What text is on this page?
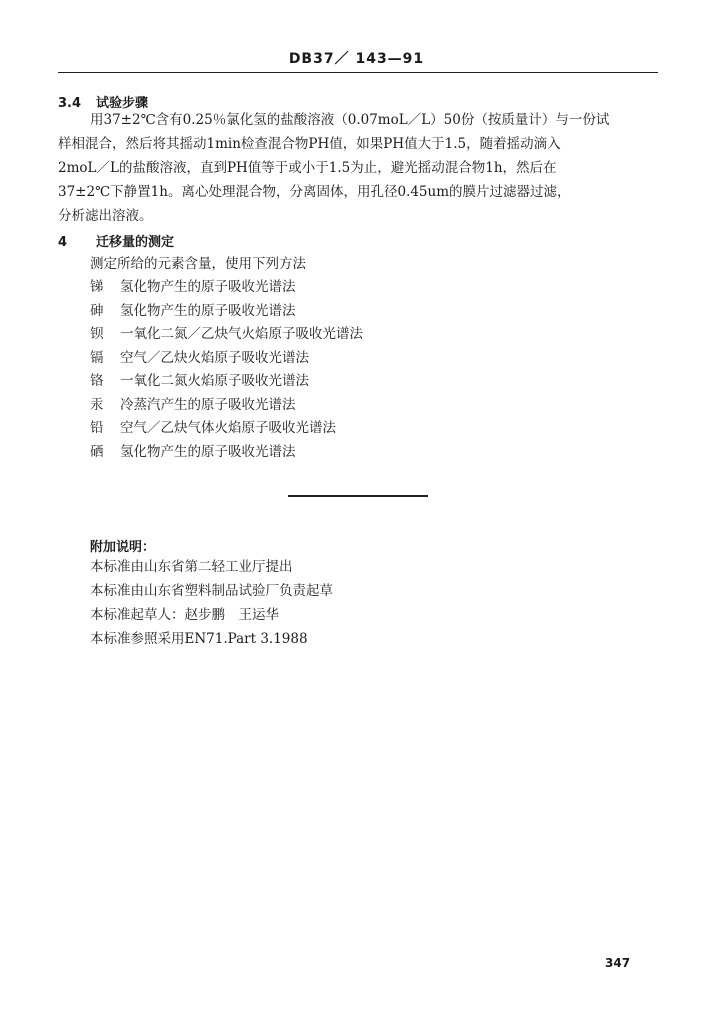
DB37／ 143—91
3.4 试验步骤
用37±2℃含有0.25％氯化氢的盐酸溶液（0.07moL／L）50份（按质量计）与一份试
样相混合，然后将其摇动1min检查混合物PH值，如果PH值大于1.5，随着摇动滴入
2moL／L的盐酸溶液，直到PH值等于或小于1.5为止，避光摇动混合物1h，然后在
37±2℃下静置1h。离心处理混合物，分离固体，用孔径0.45um的膜片过滤器过滤，
分析滤出溶液。
4 迁移量的测定
测定所给的元素含量，使用下列方法
锑 氢化物产生的原子吸收光谱法
砷 氢化物产生的原子吸收光谱法
钡 一氧化二氮／乙炔气火焰原子吸收光谱法
镉 空气／乙炔火焰原子吸收光谱法
铬 一氧化二氮火焰原子吸收光谱法
汞 冷蒸汽产生的原子吸收光谱法
铅 空气／乙炔气体火焰原子吸收光谱法
硒 氢化物产生的原子吸收光谱法
附加说明：
本标准由山东省第二轻工业厅提出
本标准由山东省塑料制品试验厂负责起草
本标准起草人：赵步鹏　王运华
本标准参照采用EN71.Part 3.1988
347
